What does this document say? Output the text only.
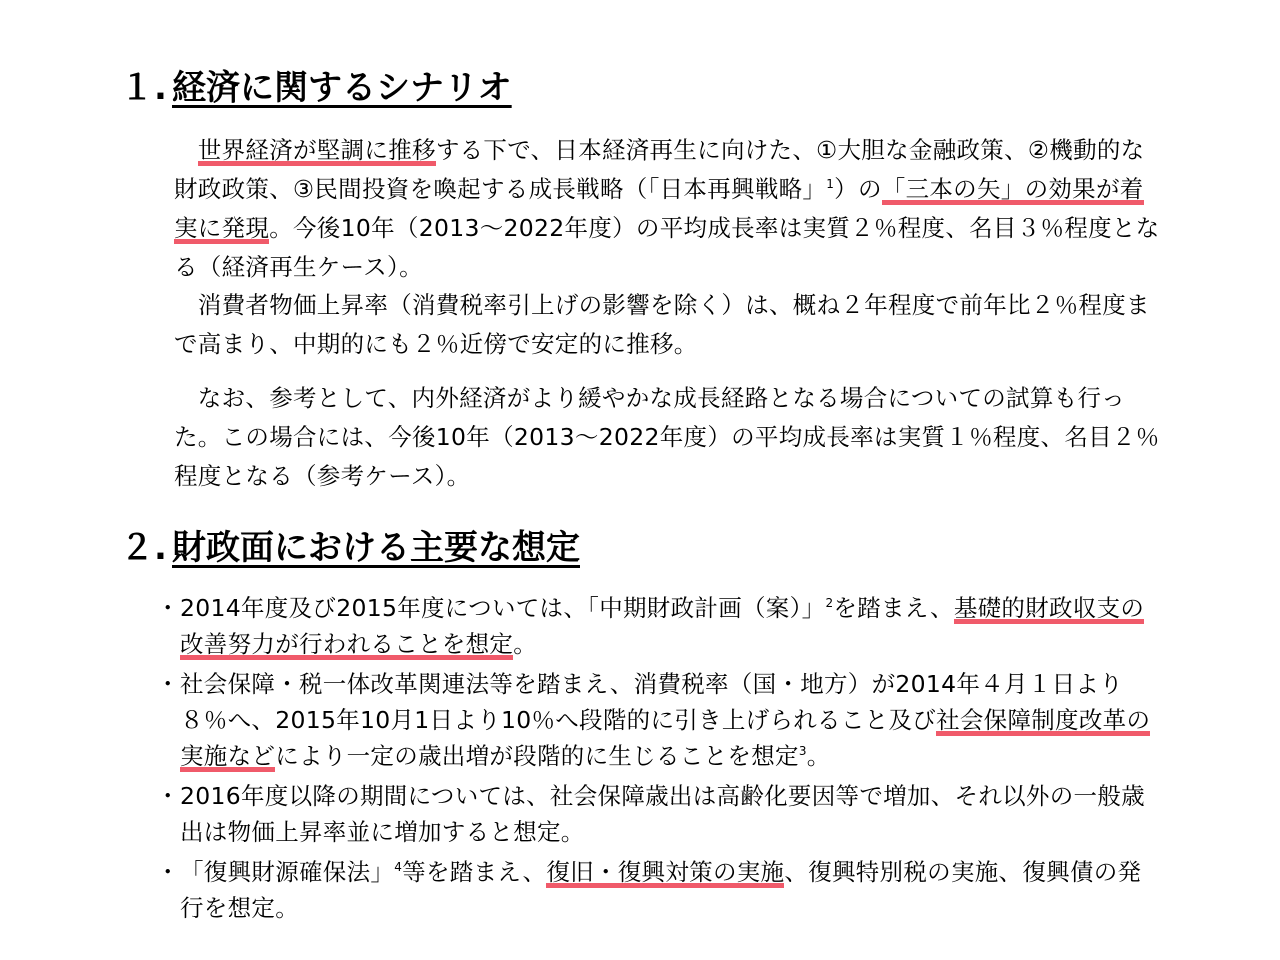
１. 経済に関するシナリオ
　世界経済が堅調に推移する下で、日本経済再生に向けた、①大胆な金融政策、②機動的な財政政策、③民間投資を喚起する成長戦略（「日本再興戦略」$^1$）の「三本の矢」の効果が着実に発現。今後10年（2013～2022年度）の平均成長率は実質２％程度、名目３％程度となる（経済再生ケース）。
　消費者物価上昇率（消費税率引上げの影響を除く）は、概ね２年程度で前年比２％程度まで高まり、中期的にも２％近傍で安定的に推移。
　なお、参考として、内外経済がより緩やかな成長経路となる場合についての試算も行った。この場合には、今後10年（2013～2022年度）の平均成長率は実質１％程度、名目２％程度となる（参考ケース）。
２. 財政面における主要な想定
・ 2014年度及び2015年度については、「中期財政計画（案）」$^2$を踏まえ、基礎的財政収支の改善努力が行われることを想定。
・ 社会保障・税一体改革関連法等を踏まえ、消費税率（国・地方）が2014年４月１日より８％へ、2015年10月1日より10％へ段階的に引き上げられること及び社会保障制度改革の実施などにより一定の歳出増が段階的に生じることを想定$^3$。
・ 2016年度以降の期間については、社会保障歳出は高齢化要因等で増加、それ以外の一般歳出は物価上昇率並に増加すると想定。
・ 「復興財源確保法」$^4$等を踏まえ、復旧・復興対策の実施、復興特別税の実施、復興債の発行を想定。
